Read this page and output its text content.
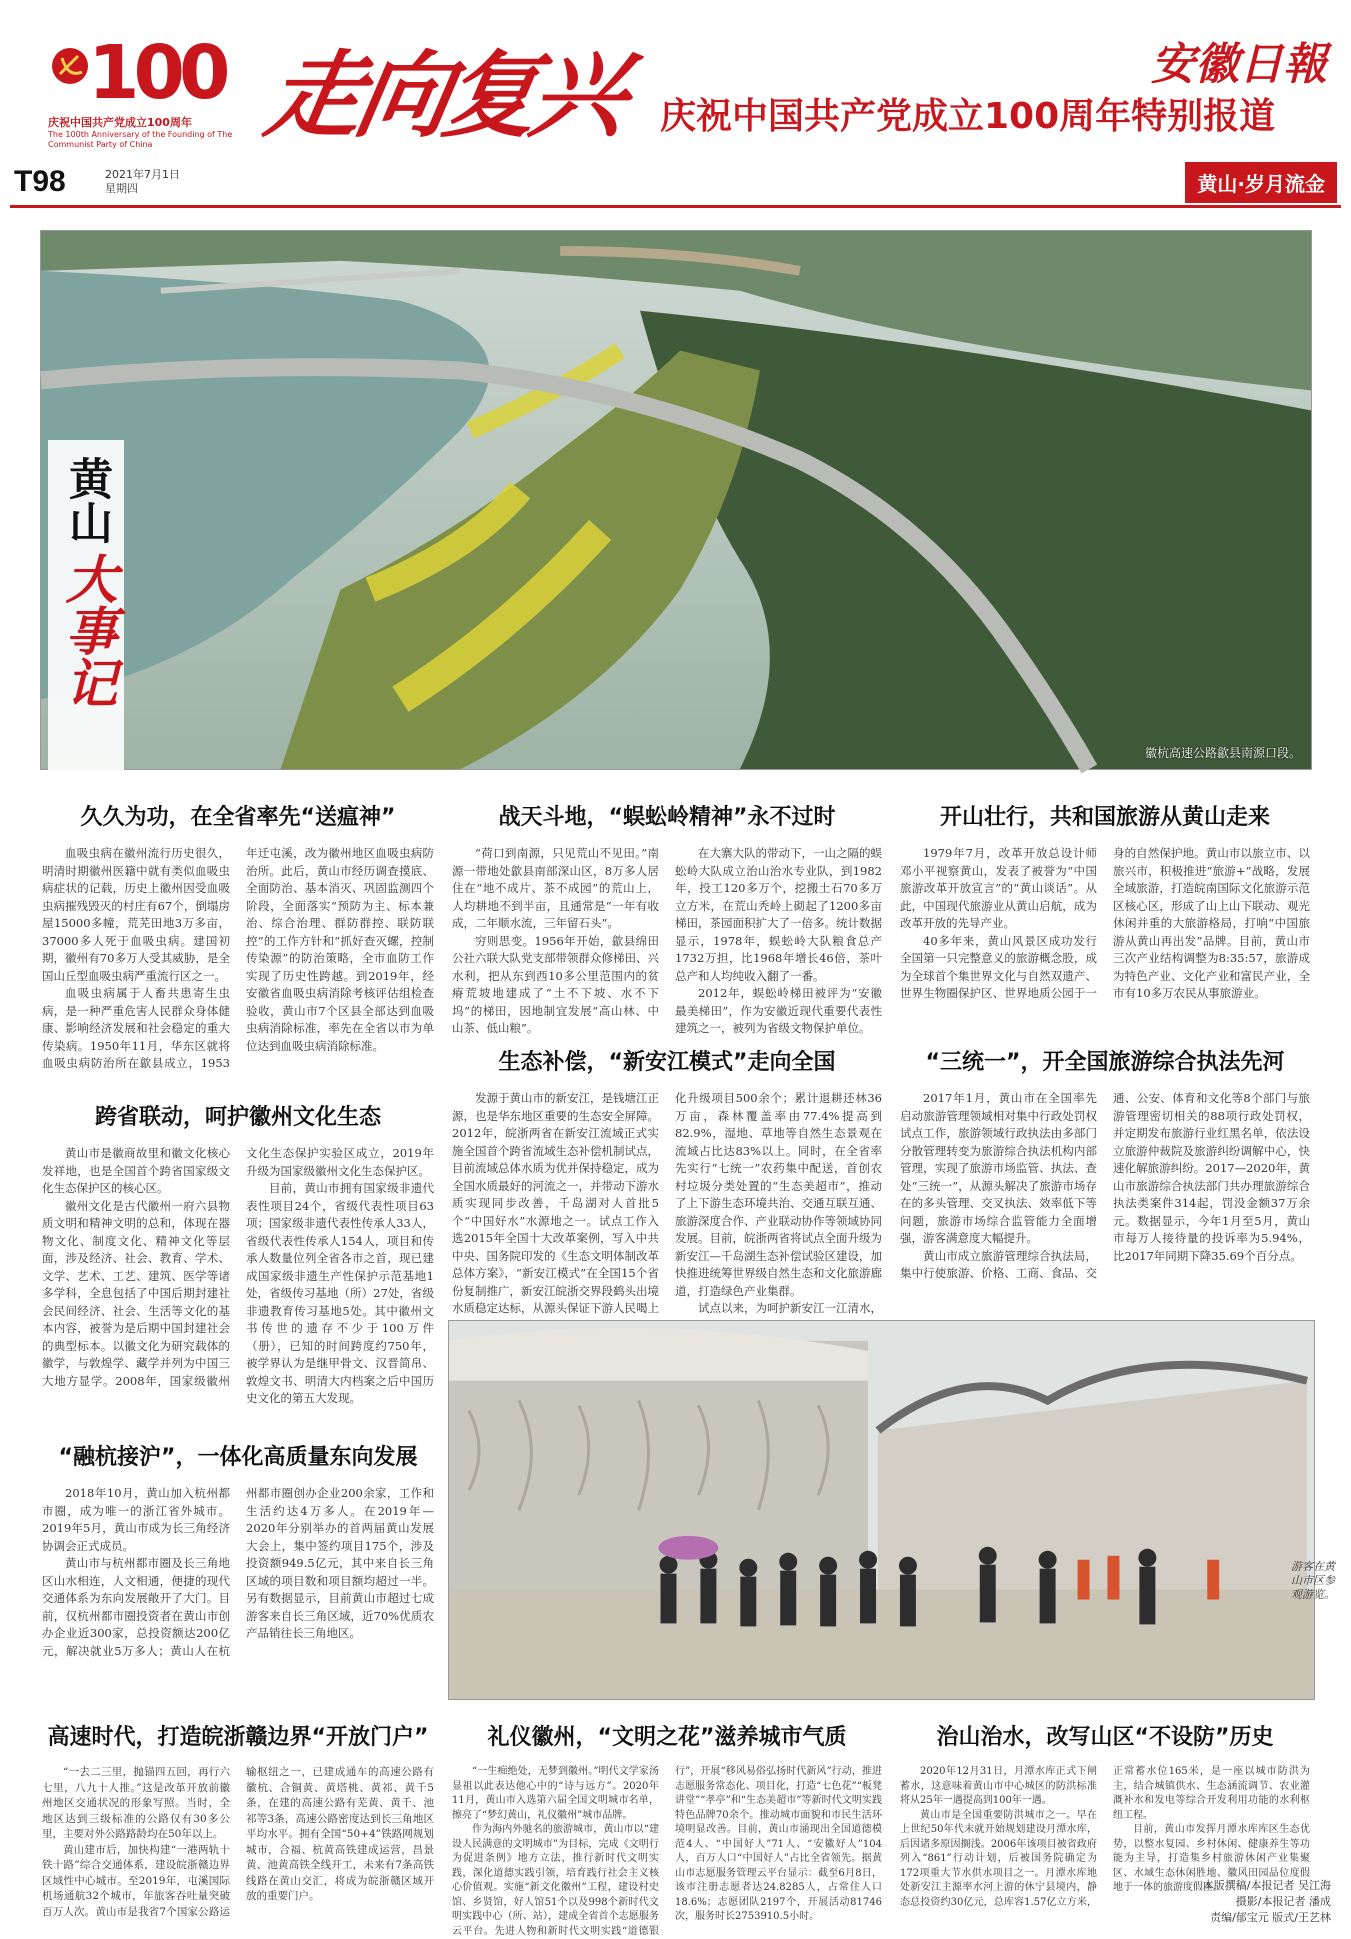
100
庆祝中国共产党成立100周年
The 100th Anniversary of the Founding of The Communist Party of China	走向复兴	安徽日報
庆祝中国共产党成立100周年特别报道
T98	2021年7月1日
星期四	黄山·岁月流金
徽杭高速公路歙县南源口段。
黄山
大事记
久久为功，在全省率先“送瘟神”

血吸虫病在徽州流行历史很久，明清时期徽州医籍中就有类似血吸虫病症状的记载，历史上徽州因受血吸虫病摧残毁灭的村庄有67个，倒塌房屋15000多幢，荒芜田地3万多亩，37000多人死于血吸虫病。建国初期，徽州有70多万人受其威胁，是全国山丘型血吸虫病严重流行区之一。

血吸虫病属于人畜共患寄生虫病，是一种严重危害人民群众身体健康、影响经济发展和社会稳定的重大传染病。1950年11月，华东区就将血吸虫病防治所在歙县成立，1953年迁屯溪，改为徽州地区血吸虫病防治所。此后，黄山市经历调查摸底、全面防治、基本消灭、巩固监测四个阶段，全面落实“预防为主、标本兼治、综合治理、群防群控、联防联控”的工作方针和“抓好查灭螺，控制传染源”的防治策略，全市血防工作实现了历史性跨越。到2019年，经安徽省血吸虫病消除考核评估组检查验收，黄山市7个区县全部达到血吸虫病消除标准，率先在全省以市为单位达到血吸虫病消除标准。

战天斗地，“蜈蚣岭精神”永不过时

“荷口到南源，只见荒山不见田。”南源一带地处歙县南部深山区，8万多人居住在“地不成片、茶不成园”的荒山上，人均耕地不到半亩，且通常是“一年有收成，二年顺水流，三年留石头”。

穷则思变。1956年开始，歙县绵田公社六联大队党支部带领群众修梯田、兴水利，把从东到西10多公里范围内的贫瘠荒坡地建成了“土不下坡、水不下坞”的梯田，因地制宜发展“高山林、中山茶、低山粮”。

在大寨大队的带动下，一山之隔的蜈蚣岭大队成立治山治水专业队，到1982年，投工120多万个，挖搬土石70多万立方米，在荒山秃岭上砌起了1200多亩梯田，茶园面积扩大了一倍多。统计数据显示，1978年，蜈蚣岭大队粮食总产1732万担，比1968年增长46倍，茶叶总产和人均纯收入翻了一番。

2012年，蜈蚣岭梯田被评为“安徽最美梯田”，作为安徽近现代重要代表性建筑之一，被列为省级文物保护单位。

开山壮行，共和国旅游从黄山走来

1979年7月，改革开放总设计师邓小平视察黄山，发表了被誉为“中国旅游改革开放宣言”的“黄山谈话”。从此，中国现代旅游业从黄山启航，成为改革开放的先导产业。

40多年来，黄山风景区成功发行全国第一只完整意义的旅游概念股，成为全球首个集世界文化与自然双遗产、世界生物圈保护区、世界地质公园于一身的自然保护地。黄山市以旅立市、以旅兴市，积极推进“旅游+”战略，发展全域旅游，打造皖南国际文化旅游示范区核心区，形成了山上山下联动、观光休闲并重的大旅游格局，打响“中国旅游从黄山再出发”品牌。目前，黄山市三次产业结构调整为8:35:57，旅游成为特色产业、文化产业和富民产业，全市有10多万农民从事旅游业。

生态补偿，“新安江模式”走向全国

发源于黄山市的新安江，是钱塘江正源，也是华东地区重要的生态安全屏障。2012年，皖浙两省在新安江流域正式实施全国首个跨省流域生态补偿机制试点，目前流域总体水质为优并保持稳定，成为全国水质最好的河流之一，并带动下游水质实现同步改善，千岛湖对人首批5个“中国好水”水源地之一。试点工作入选2015年全国十大改革案例，写入中共中央、国务院印发的《生态文明体制改革总体方案》，“新安江模式”在全国15个省份复制推广，新安江皖浙交界段鹤头出境水质稳定达标，从源头保证下游人民喝上

化升级项目500余个；累计退耕还林36万亩，森林覆盖率由77.4%提高到82.9%，湿地、草地等自然生态景观在流域占比达83%以上。同时，在全省率先实行“七统一”农药集中配送，首创农村垃圾分类处置的“生态美超市”，推动了上下游生态环境共治、交通互联互通、旅游深度合作、产业联动协作等领域协同发展。目前，皖浙两省将试点全面升级为新安江—千岛湖生态补偿试验区建设，加快推进统筹世界级自然生态和文化旅游廊道，打造绿色产业集群。

试点以来，为呵护新安江一江清水，

“三统一”，开全国旅游综合执法先河

2017年1月，黄山市在全国率先启动旅游管理领域相对集中行政处罚权试点工作，旅游领域行政执法由多部门分散管理转变为旅游综合执法机构内部管理，实现了旅游市场监管、执法、查处“三统一”，从源头解决了旅游市场存在的多头管理、交叉执法、效率低下等问题，旅游市场综合监管能力全面增强，游客满意度大幅提升。

黄山市成立旅游管理综合执法局，集中行使旅游、价格、工商、食品、交通、公安、体育和文化等8个部门与旅游管理密切相关的88项行政处罚权，并定期发布旅游行业红黑名单，依法设立旅游仲裁院及旅游纠纷调解中心，快速化解旅游纠纷。2017—2020年，黄山市旅游综合执法部门共办理旅游综合执法类案件314起，罚没金额37万余元。数据显示，今年1月至5月，黄山市每万人接待量的投诉率为5.94%，比2017年同期下降35.69个百分点。

跨省联动，呵护徽州文化生态

黄山市是徽商故里和徽文化核心发祥地，也是全国首个跨省国家级文化生态保护区的核心区。

徽州文化是古代徽州一府六县物质文明和精神文明的总和，体现在器物文化、制度文化、精神文化等层面，涉及经济、社会、教育、学术、文学、艺术、工艺、建筑、医学等诸多学科，全息包括了中国后期封建社会民间经济、社会、生活等文化的基本内容，被誉为是后期中国封建社会的典型标本。以徽文化为研究载体的徽学，与敦煌学、藏学并列为中国三大地方显学。2008年，国家级徽州文化生态保护实验区成立，2019年升级为国家级徽州文化生态保护区。

目前，黄山市拥有国家级非遗代表性项目24个，省级代表性项目63项；国家级非遗代表性传承人33人，省级代表性传承人154人，项目和传承人数量位列全省各市之首，现已建成国家级非遗生产性保护示范基地1处，省级传习基地（所）27处，省级非遗教育传习基地5处。其中徽州文书传世的遗存不少于100万件（册），已知的时间跨度约750年，被学界认为是继甲骨文、汉晋简帛、敦煌文书、明清大内档案之后中国历史文化的第五大发现。

“融杭接沪”，一体化高质量东向发展

2018年10月，黄山加入杭州都市圈，成为唯一的浙江省外城市。2019年5月，黄山市成为长三角经济协调会正式成员。

黄山市与杭州都市圈及长三角地区山水相连，人文相通，便捷的现代交通体系为东向发展敞开了大门。目前，仅杭州都市圈投资者在黄山市创办企业近300家，总投资额达200亿元，解决就业5万多人；黄山人在杭州都市圈创办企业200余家，工作和生活约达4万多人。在2019年—2020年分别举办的首两届黄山发展大会上，集中签约项目175个，涉及投资额949.5亿元，其中来自长三角区域的项目数和项目额均超过一半。另有数据显示，目前黄山市超过七成游客来自长三角区域，近70%优质农产品销往长三角地区。

游客在黄山市区参观游览。
高速时代，打造皖浙赣边界“开放门户”

“一去二三里，抛锚四五回，再行六七里，八九十人推。”这是改革开放前徽州地区交通状况的形象写照。当时，全地区达到三级标准的公路仅有30多公里，主要对外公路路龄均在50年以上。

黄山建市后，加快构建“一港两轨十铁十路”综合交通体系，建设皖浙赣边界区域性中心城市。至2019年，屯溪国际机场通航32个城市，年旅客吞吐量突破百万人次。黄山市是我省7个国家公路运输枢纽之一，已建成通车的高速公路有徽杭、合铜黄、黄塔桃、黄祁、黄千5条，在建的高速公路有芜黄、黄千、池祁等3条，高速公路密度达到长三角地区平均水平。拥有全国“50+4”铁路网规划城市，合福、杭黄高铁建成运营，昌景黄、池黄高铁全线开工，未来有7条高铁线路在黄山交汇，将成为皖浙赣区域开放的重要门户。

礼仪徽州，“文明之花”滋养城市气质

“一生痴绝处，无梦到徽州。”明代文学家汤显祖以此表达他心中的“诗与远方”。2020年11月，黄山市入选第六届全国文明城市名单，擦亮了“梦幻黄山，礼仪徽州”城市品牌。

作为海内外驰名的旅游城市，黄山市以“建设人民满意的文明城市”为目标，完成《文明行为促进条例》地方立法，推行新时代文明实践，深化道德实践引领，培育践行社会主义核心价值观。实施“新文化徽州”工程，建设村史馆、乡贤馆，好人馆51个以及998个新时代文明实践中心（所、站），建成全省首个志愿服务云平台。先进人物和新时代文明实践“道德银行”，开展“移风易俗弘扬时代新风”行动，推进志愿服务常态化、项目化，打造“七色花”“板凳讲堂”“孝亭”和“生态美超市”等新时代文明实践特色品牌70余个。推动城市面貌和市民生活环境明显改善。目前，黄山市涌现出全国道德模范4人、“中国好人”71人、“安徽好人”104人，百万人口“中国好人”占比全省领先。据黄山市志愿服务管理云平台显示：截至6月8日，该市注册志愿者达24.8285人，占常住人口18.6%；志愿团队2197个，开展活动81746次，服务时长2753910.5小时。

治山治水，改写山区“不设防”历史

2020年12月31日，月潭水库正式下闸蓄水，这意味着黄山市中心城区的防洪标准将从25年一遇提高到100年一遇。

黄山市是全国重要防洪城市之一。早在上世纪50年代末就开始规划建设月潭水库，后因诸多原因搁浅。2006年该项目被省政府列入“861”行动计划，后被国务院确定为172项重大节水供水项目之一。月潭水库地处新安江主源率水河上游的休宁县境内，静态总投资约30亿元，总库容1.57亿立方米，正常蓄水位165米，是一座以城市防洪为主，结合城镇供水、生态涵流调节、农业灌溉补水和发电等综合开发利用功能的水利枢纽工程。

目前，黄山市发挥月潭水库库区生态优势，以整水复园、乡村休闲、健康养生等功能为主导，打造集乡村旅游休闲产业集聚区、水域生态休闲胜地、徽风田园品位度假地于一体的旅游度假区。

本版撰稿/本报记者 吴江海
摄影/本报记者 潘成
责编/郁宝元 版式/王艺林
